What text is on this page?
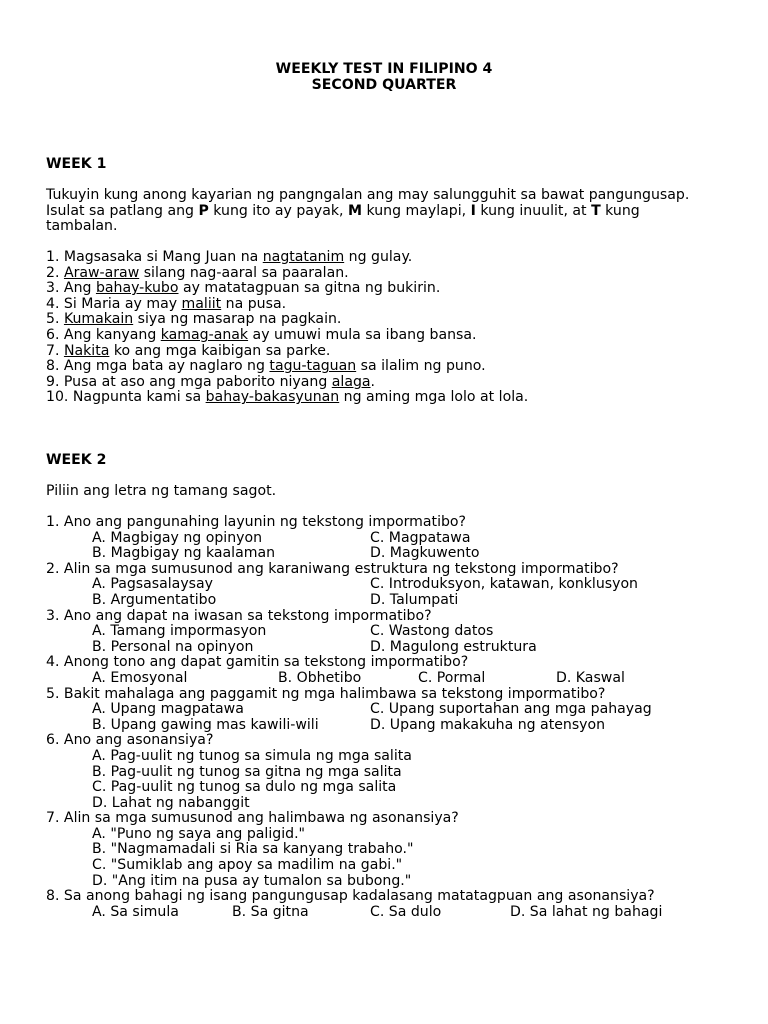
WEEKLY TEST IN FILIPINO 4
SECOND QUARTER
WEEK 1
Tukuyin kung anong kayarian ng pangngalan ang may salungguhit sa bawat pangungusap.
Isulat sa patlang ang P kung ito ay payak, M kung maylapi, I kung inuulit, at T kung
tambalan.
1. Magsasaka si Mang Juan na nagtatanim ng gulay.
2. Araw-araw silang nag-aaral sa paaralan.
3. Ang bahay-kubo ay matatagpuan sa gitna ng bukirin.
4. Si Maria ay may maliit na pusa.
5. Kumakain siya ng masarap na pagkain.
6. Ang kanyang kamag-anak ay umuwi mula sa ibang bansa.
7. Nakita ko ang mga kaibigan sa parke.
8. Ang mga bata ay naglaro ng tagu-taguan sa ilalim ng puno.
9. Pusa at aso ang mga paborito niyang alaga.
10. Nagpunta kami sa bahay-bakasyunan ng aming mga lolo at lola.
WEEK 2
Piliin ang letra ng tamang sagot.
1. Ano ang pangunahing layunin ng tekstong impormatibo?
A. Magbigay ng opinyon	C. Magpatawa
B. Magbigay ng kaalaman	D. Magkuwento
2. Alin sa mga sumusunod ang karaniwang estruktura ng tekstong impormatibo?
A. Pagsasalaysay	C. Introduksyon, katawan, konklusyon
B. Argumentatibo	D. Talumpati
3. Ano ang dapat na iwasan sa tekstong impormatibo?
A. Tamang impormasyon	C. Wastong datos
B. Personal na opinyon	D. Magulong estruktura
4. Anong tono ang dapat gamitin sa tekstong impormatibo?
A. Emosyonal	B. Obhetibo	C. Pormal	D. Kaswal
5. Bakit mahalaga ang paggamit ng mga halimbawa sa tekstong impormatibo?
A. Upang magpatawa	C. Upang suportahan ang mga pahayag
B. Upang gawing mas kawili-wili	D. Upang makakuha ng atensyon
6. Ano ang asonansiya?
A. Pag-uulit ng tunog sa simula ng mga salita
B. Pag-uulit ng tunog sa gitna ng mga salita
C. Pag-uulit ng tunog sa dulo ng mga salita
D. Lahat ng nabanggit
7. Alin sa mga sumusunod ang halimbawa ng asonansiya?
A. "Puno ng saya ang paligid."
B. "Nagmamadali si Ria sa kanyang trabaho."
C. "Sumiklab ang apoy sa madilim na gabi."
D. "Ang itim na pusa ay tumalon sa bubong."
8. Sa anong bahagi ng isang pangungusap kadalasang matatagpuan ang asonansiya?
A. Sa simula	B. Sa gitna	C. Sa dulo	D. Sa lahat ng bahagi
